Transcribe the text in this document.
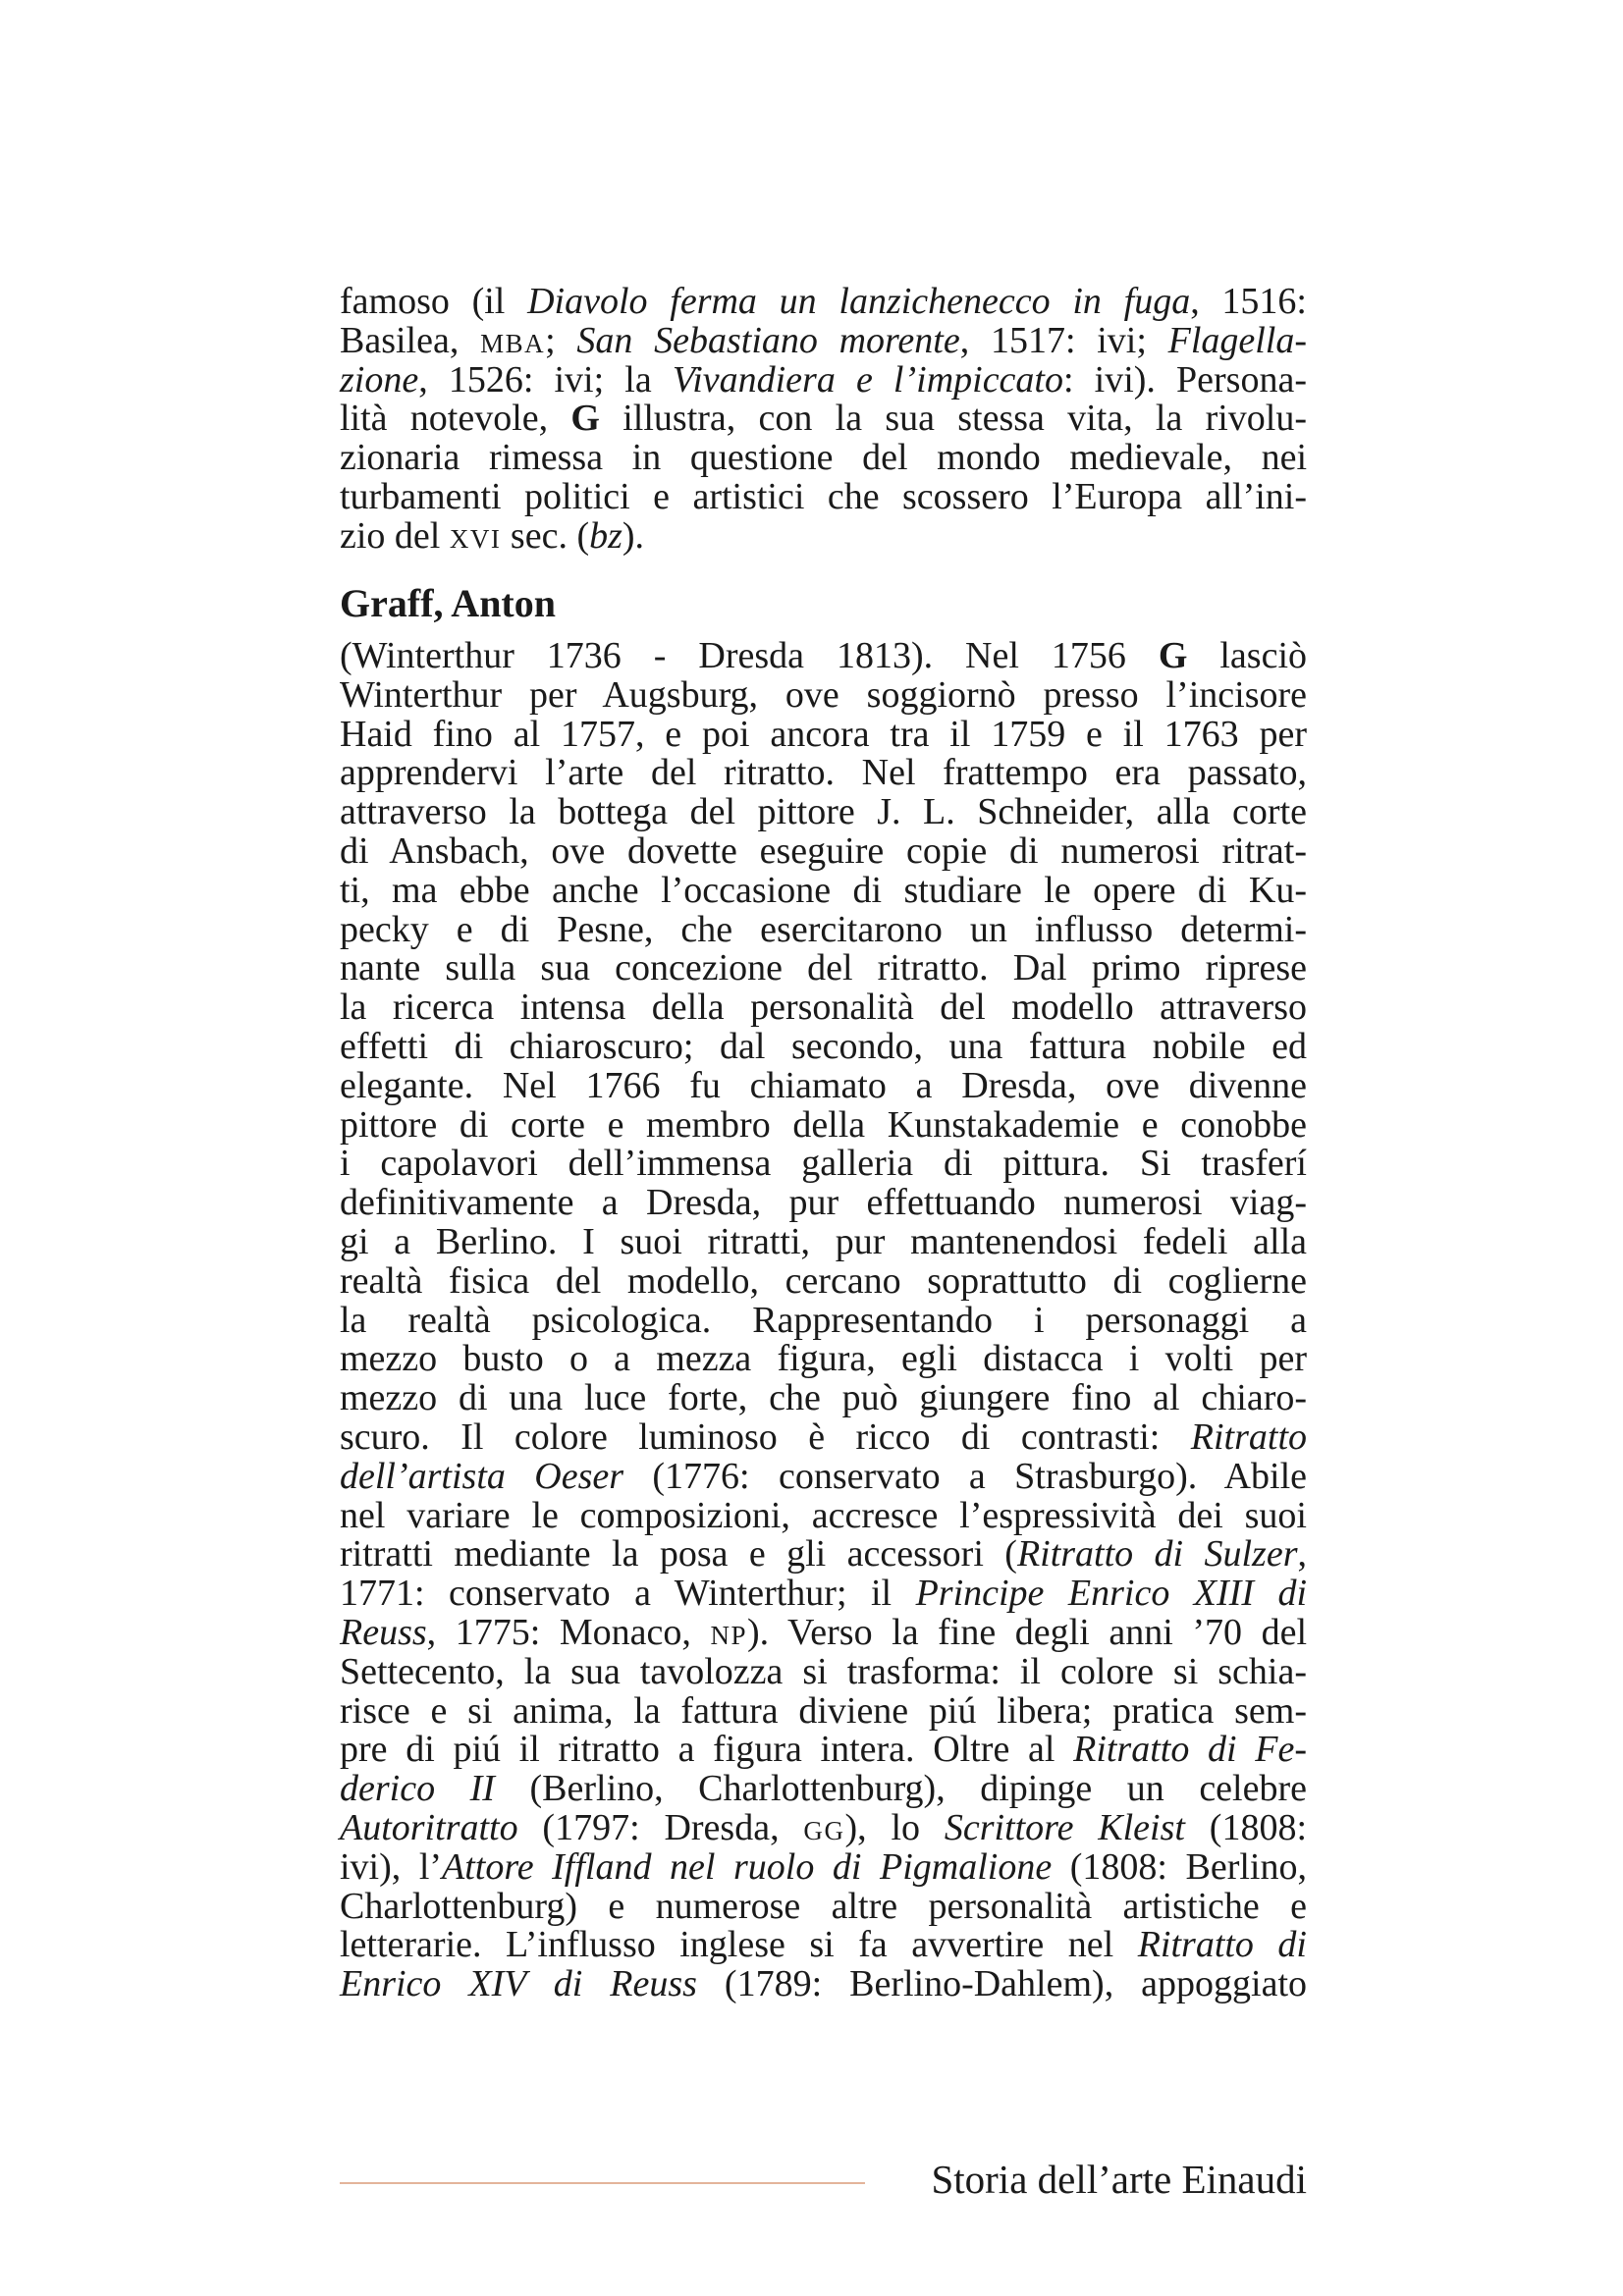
famoso (il Diavolo ferma un lanzichenecco in fuga, 1516:
Basilea, mba; San Sebastiano morente, 1517: ivi; Flagella-
zione, 1526: ivi; la Vivandiera e l’impiccato: ivi). Persona-
lità notevole, G illustra, con la sua stessa vita, la rivolu-
zionaria rimessa in questione del mondo medievale, nei
turbamenti politici e artistici che scossero l’Europa all’ini-
zio del xvi sec. (bz).
Graff, Anton
(Winterthur 1736 - Dresda 1813). Nel 1756 G lasciò
Winterthur per Augsburg, ove soggiornò presso l’incisore
Haid fino al 1757, e poi ancora tra il 1759 e il 1763 per
apprendervi l’arte del ritratto. Nel frattempo era passato,
attraverso la bottega del pittore J. L. Schneider, alla corte
di Ansbach, ove dovette eseguire copie di numerosi ritrat-
ti, ma ebbe anche l’occasione di studiare le opere di Ku-
pecky e di Pesne, che esercitarono un influsso determi-
nante sulla sua concezione del ritratto. Dal primo riprese
la ricerca intensa della personalità del modello attraverso
effetti di chiaroscuro; dal secondo, una fattura nobile ed
elegante. Nel 1766 fu chiamato a Dresda, ove divenne
pittore di corte e membro della Kunstakademie e conobbe
i capolavori dell’immensa galleria di pittura. Si trasferí
definitivamente a Dresda, pur effettuando numerosi viag-
gi a Berlino. I suoi ritratti, pur mantenendosi fedeli alla
realtà fisica del modello, cercano soprattutto di coglierne
la realtà psicologica. Rappresentando i personaggi a
mezzo busto o a mezza figura, egli distacca i volti per
mezzo di una luce forte, che può giungere fino al chiaro-
scuro. Il colore luminoso è ricco di contrasti: Ritratto
dell’artista Oeser (1776: conservato a Strasburgo). Abile
nel variare le composizioni, accresce l’espressività dei suoi
ritratti mediante la posa e gli accessori (Ritratto di Sulzer,
1771: conservato a Winterthur; il Principe Enrico XIII di
Reuss, 1775: Monaco, np). Verso la fine degli anni ’70 del
Settecento, la sua tavolozza si trasforma: il colore si schia-
risce e si anima, la fattura diviene piú libera; pratica sem-
pre di piú il ritratto a figura intera. Oltre al Ritratto di Fe-
derico II (Berlino, Charlottenburg), dipinge un celebre
Autoritratto (1797: Dresda, gg), lo Scrittore Kleist (1808:
ivi), l’Attore Iffland nel ruolo di Pigmalione (1808: Berlino,
Charlottenburg) e numerose altre personalità artistiche e
letterarie. L’influsso inglese si fa avvertire nel Ritratto di
Enrico XIV di Reuss (1789: Berlino-Dahlem), appoggiato
Storia dell’arte Einaudi
